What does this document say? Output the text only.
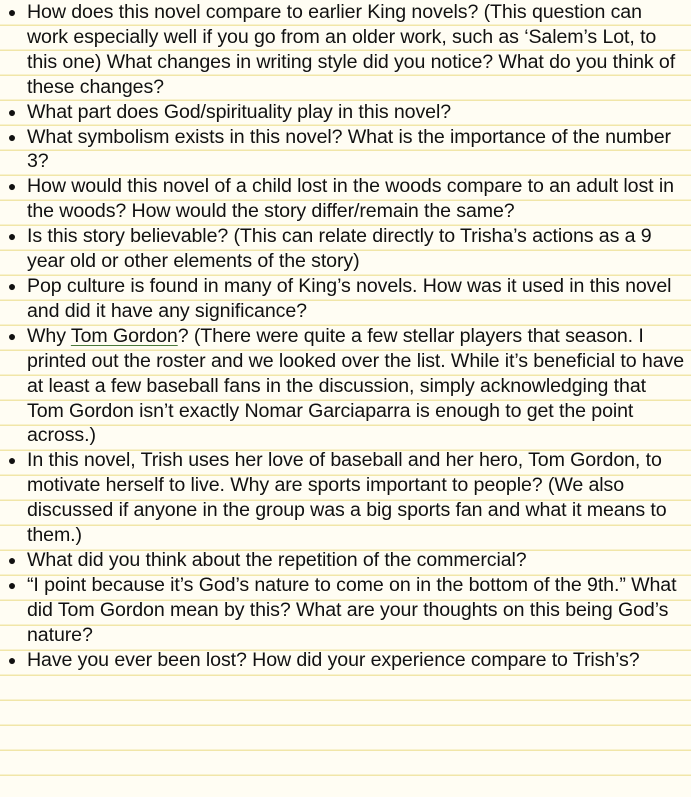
● How does this novel compare to earlier King novels? (This question can work especially well if you go from an older work, such as ‘Salem’s Lot, to this one) What changes in writing style did you notice? What do you think of these changes?
● What part does God/spirituality play in this novel?
● What symbolism exists in this novel? What is the importance of the number 3?
● How would this novel of a child lost in the woods compare to an adult lost in the woods? How would the story differ/remain the same?
● Is this story believable? (This can relate directly to Trisha’s actions as a 9 year old or other elements of the story)
● Pop culture is found in many of King’s novels. How was it used in this novel and did it have any significance?
● Why Tom Gordon? (There were quite a few stellar players that season. I printed out the roster and we looked over the list. While it’s beneficial to have at least a few baseball fans in the discussion, simply acknowledging that Tom Gordon isn’t exactly Nomar Garciaparra is enough to get the point across.)
● In this novel, Trish uses her love of baseball and her hero, Tom Gordon, to motivate herself to live. Why are sports important to people? (We also discussed if anyone in the group was a big sports fan and what it means to them.)
● What did you think about the repetition of the commercial?
● “I point because it’s God’s nature to come on in the bottom of the 9th.” What did Tom Gordon mean by this? What are your thoughts on this being God’s nature?
● Have you ever been lost? How did your experience compare to Trish’s?
